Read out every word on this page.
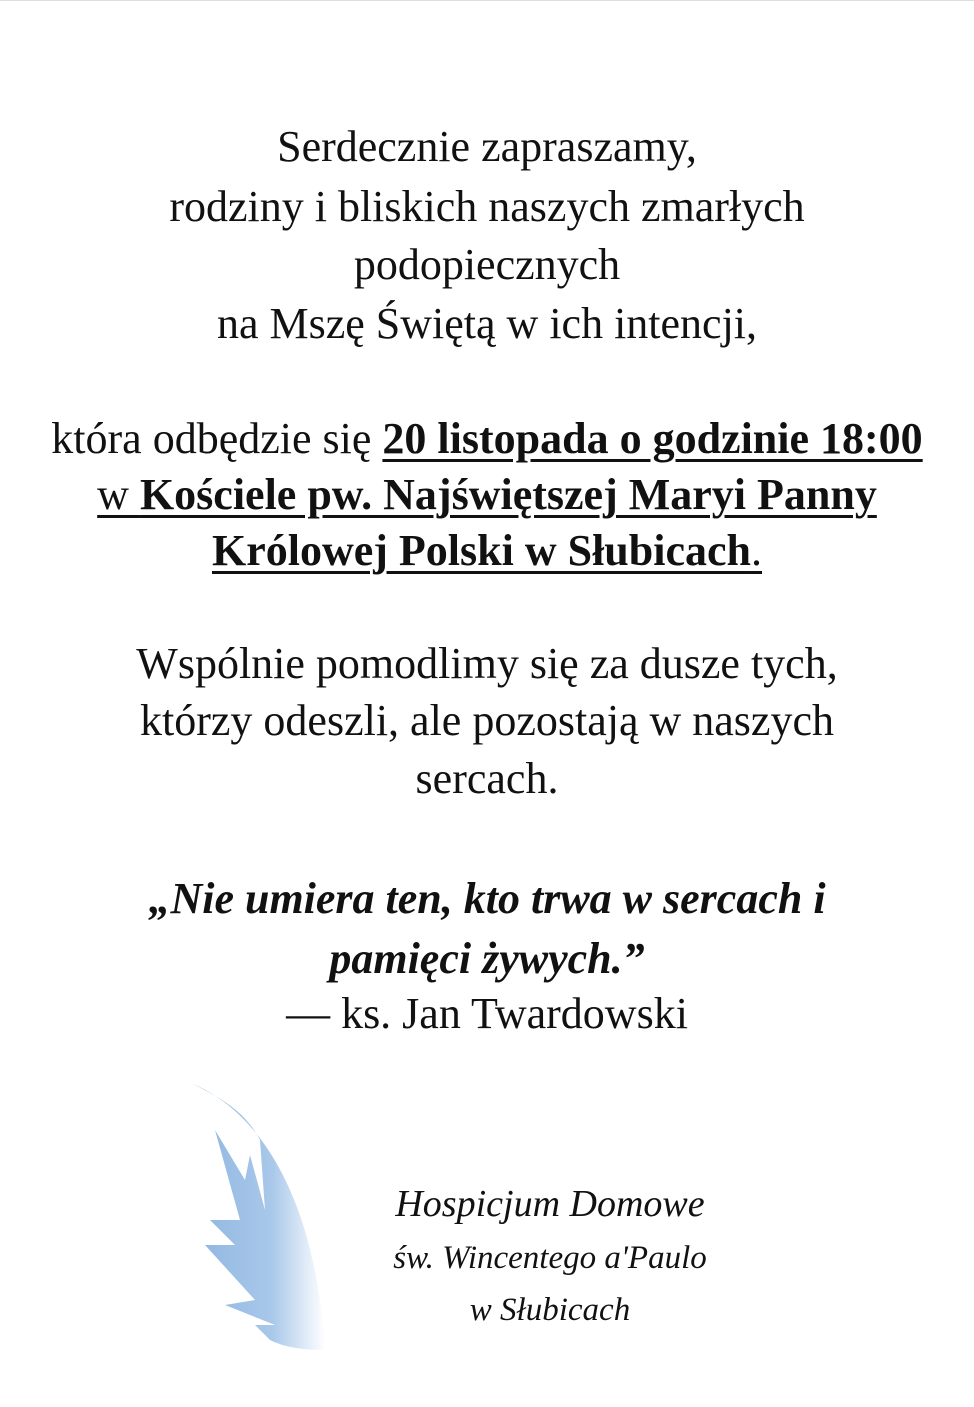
Serdecznie zapraszamy,
rodziny i bliskich naszych zmarłych
podopiecznych
na Mszę Świętą w ich intencji,
która odbędzie się 20 listopada o godzinie 18:00
w Kościele pw. Najświętszej Maryi Panny
Królowej Polski w Słubicach.
Wspólnie pomodlimy się za dusze tych,
którzy odeszli, ale pozostają w naszych
sercach.
„Nie umiera ten, kto trwa w sercach i
pamięci żywych.”
— ks. Jan Twardowski
Hospicjum Domowe
św. Wincentego a'Paulo
w Słubicach
